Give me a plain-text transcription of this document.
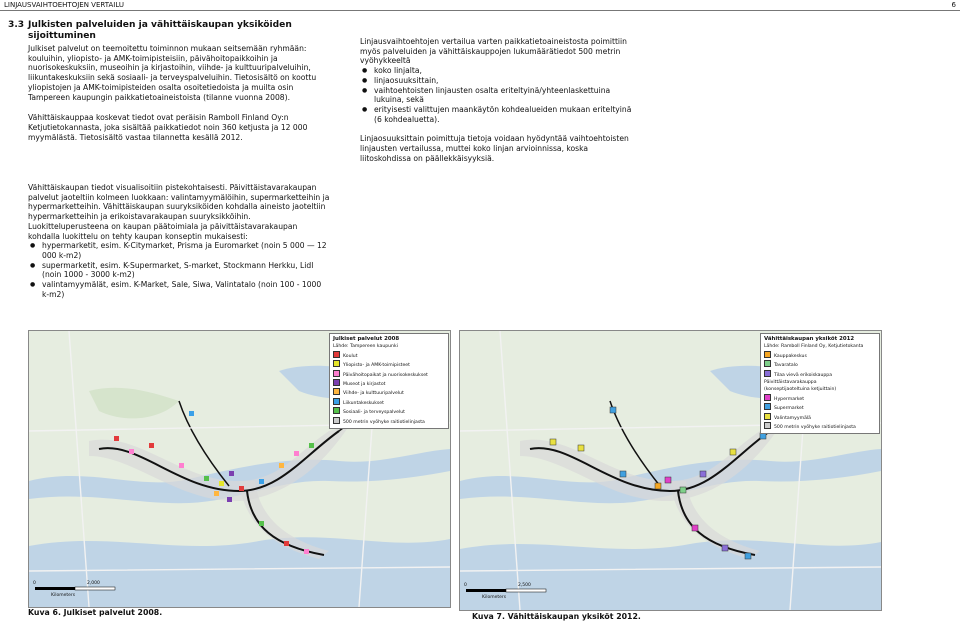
LINJAUSVAIHTOEHTOJEN VERTAILU	6
3.3 Julkisten palveluiden ja vähittäiskaupan yksiköiden sijoittuminen

Julkiset palvelut on teemoitettu toiminnon mukaan seitsemään ryhmään: kouluihin, yliopisto- ja AMK-toimipisteisiin, päivähoitopaikkoihin ja nuorisokeskuksiin, museoihin ja kirjastoihin, viihde- ja kulttuuripalveluihin, liikuntakeskuksiin sekä sosiaali- ja terveyspalveluihin. Tietosisältö on koottu yliopistojen ja AMK-toimipisteiden osalta osoitetiedoista ja muilta osin Tampereen kaupungin paikkatietoaineistoista (tilanne vuonna 2008).

Vähittäiskauppaa koskevat tiedot ovat peräisin Ramboll Finland Oy:n Ketjutietokannasta, joka sisältää paikkatiedot noin 360 ketjusta ja 12 000 myymälästä. Tietosisältö vastaa tilannetta kesällä 2012.

Vähittäiskaupan tiedot visualisoitiin pistekohtaisesti. Päivittäistavarakaupan palvelut jaoteltiin kolmeen luokkaan: valintamyymälöihin, supermarketteihin ja hypermarketteihin. Vähittäiskaupan suuryksiköiden kohdalla aineisto jaoteltiin hypermarketteihin ja erikoistavarakaupan suuryksikköihin. Luokitteluperusteena on kaupan päätoimiala ja päivittäistavarakaupan kohdalla luokittelu on tehty kaupan konseptin mukaisesti:

● hypermarketit, esim. K-Citymarket, Prisma ja Euromarket (noin 5 000 — 12 000 k-m2)
● supermarketit, esim. K-Supermarket, S-market, Stockmann Herkku, Lidl (noin 1000 - 3000 k-m2)
● valintamyymälät, esim. K-Market, Sale, Siwa, Valintatalo (noin 100 - 1000 k-m2)

Linjausvaihtoehtojen vertailua varten paikkatietoaineistosta poimittiin myös palveluiden ja vähittäiskauppojen lukumäärätiedot 500 metrin vyöhykkeeltä

● koko linjalta,
● linjaosuuksittain,
● vaihtoehtoisten linjausten osalta eriteltyinä/yhteenlaskettuina lukuina, sekä
● erityisesti valittujen maankäytön kohdealueiden mukaan eriteltyinä (6 kohdealuetta).

Linjaosuuksittain poimittuja tietoja voidaan hyödyntää vaihtoehtoisten linjausten vertailussa, muttei koko linjan arvioinnissa, koska liitoskohdissa on päällekkäisyyksiä.

Julkiset palvelut 2008
Lähde: Tampereen kaupunki
Koulut
Yliopisto- ja AMK-toimipisteet
Päivähoitopaikat ja nuorisokeskukset
Museot ja kirjastot
Viihde- ja kulttuuripalvelut
Liikuntakeskukset
Sosiaali- ja terveyspalvelut
500 metrin vyöhyke raitiotielinjasta
0	2,000
Kilometers
Kuva 6. Julkiset palvelut 2008.
Vähittäiskaupan yksiköt 2012
Lähde: Ramboll Finland Oy, Ketjutietokanta
Kauppakeskus
Tavaratalo
Tilaa vievä erikoiskauppa
Päivittäistavarakauppa
(konseptijaoteltuina ketjuittain)
Hypermarket
Supermarket
Valintamyymälä
500 metrin vyöhyke raitiotielinjasta
0	2,500
Kilometers
Kuva 7. Vähittäiskaupan yksiköt 2012.
